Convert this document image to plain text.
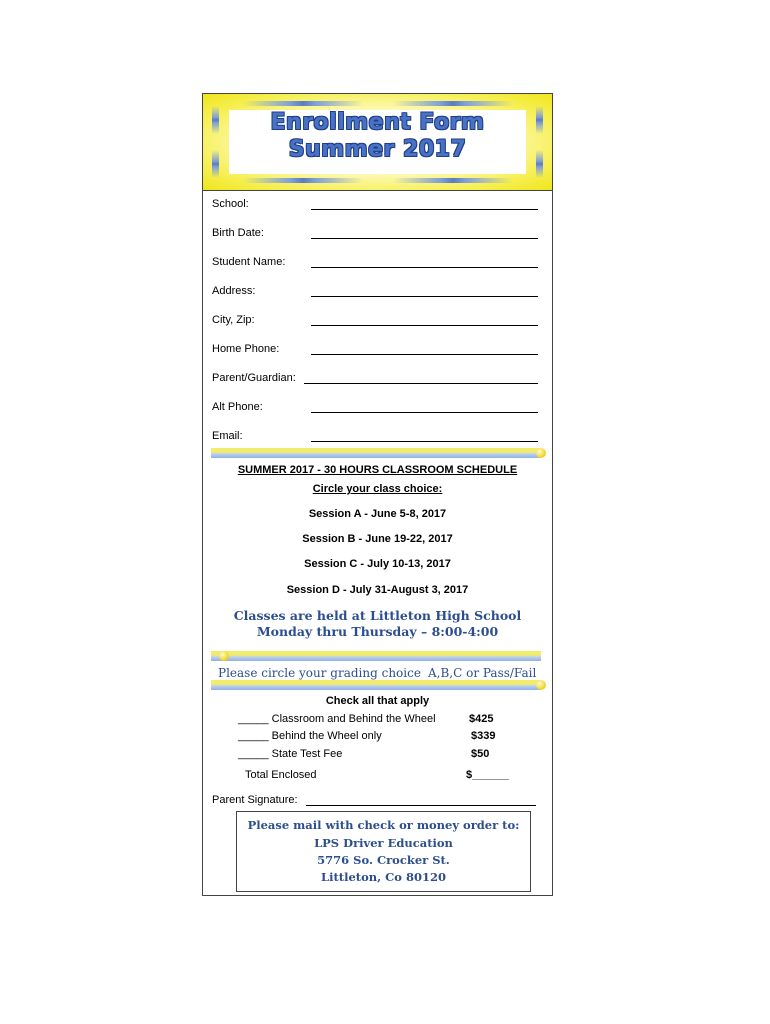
Enrollment Form
Summer 2017
School:
Birth Date:
Student Name:
Address:
City, Zip:
Home Phone:
Parent/Guardian:
Alt Phone:
Email:
SUMMER 2017 - 30 HOURS CLASSROOM SCHEDULE
Circle your class choice:
Session A - June 5-8, 2017
Session B - June 19-22, 2017
Session C - July 10-13, 2017
Session D - July 31-August 3, 2017
Classes are held at Littleton High School
Monday thru Thursday – 8:00-4:00
Please circle your grading choice A,B,C or Pass/Fail
Check all that apply
_____ Classroom and Behind the Wheel	$425
_____ Behind the Wheel only	$339
_____ State Test Fee	$50
Total Enclosed	$______
Parent Signature:
Please mail with check or money order to:
LPS Driver Education
5776 So. Crocker St.
Littleton, Co 80120
